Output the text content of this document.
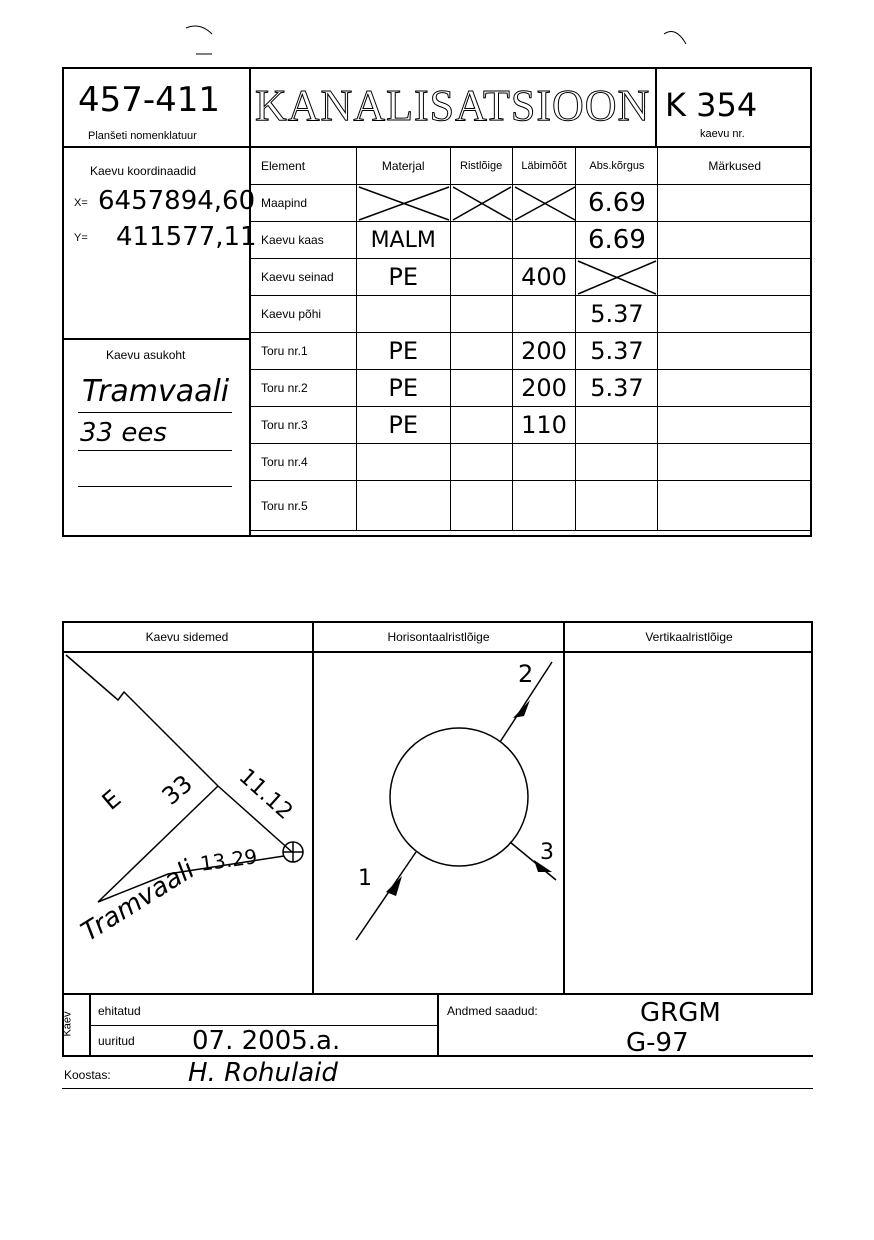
457-411
Planšeti nomenklatuur
KANALISATSIOON K 354
kaevu nr.
Kaevu koordinaadid
X= 6457894,60
Y= 411577,11
Kaevu asukoht
Tramvaali
33 ees
Element	Materjal	Ristlõige	Läbimõõt	Abs.kõrgus	Märkused
Maapind				6.69	
Kaevu kaas	MALM			6.69	
Kaevu seinad	PE		400	

Kaevu põhi				5.37	
Toru nr.1	PE		200	5.37	
Toru nr.2	PE		200	5.37	
Toru nr.3	PE		110		
Toru nr.4					
Toru nr.5					
Kaevu sidemed	Horisontaalristlõige	Vertikaalristlõige
E 33 11.12
13.29
Tramvaali
2
1
3
Kaev
ehitatud
uuritud 07. 2005.a.
Andmed saadud:	GRGM
G-97
Koostas:	H. Rohulaid
